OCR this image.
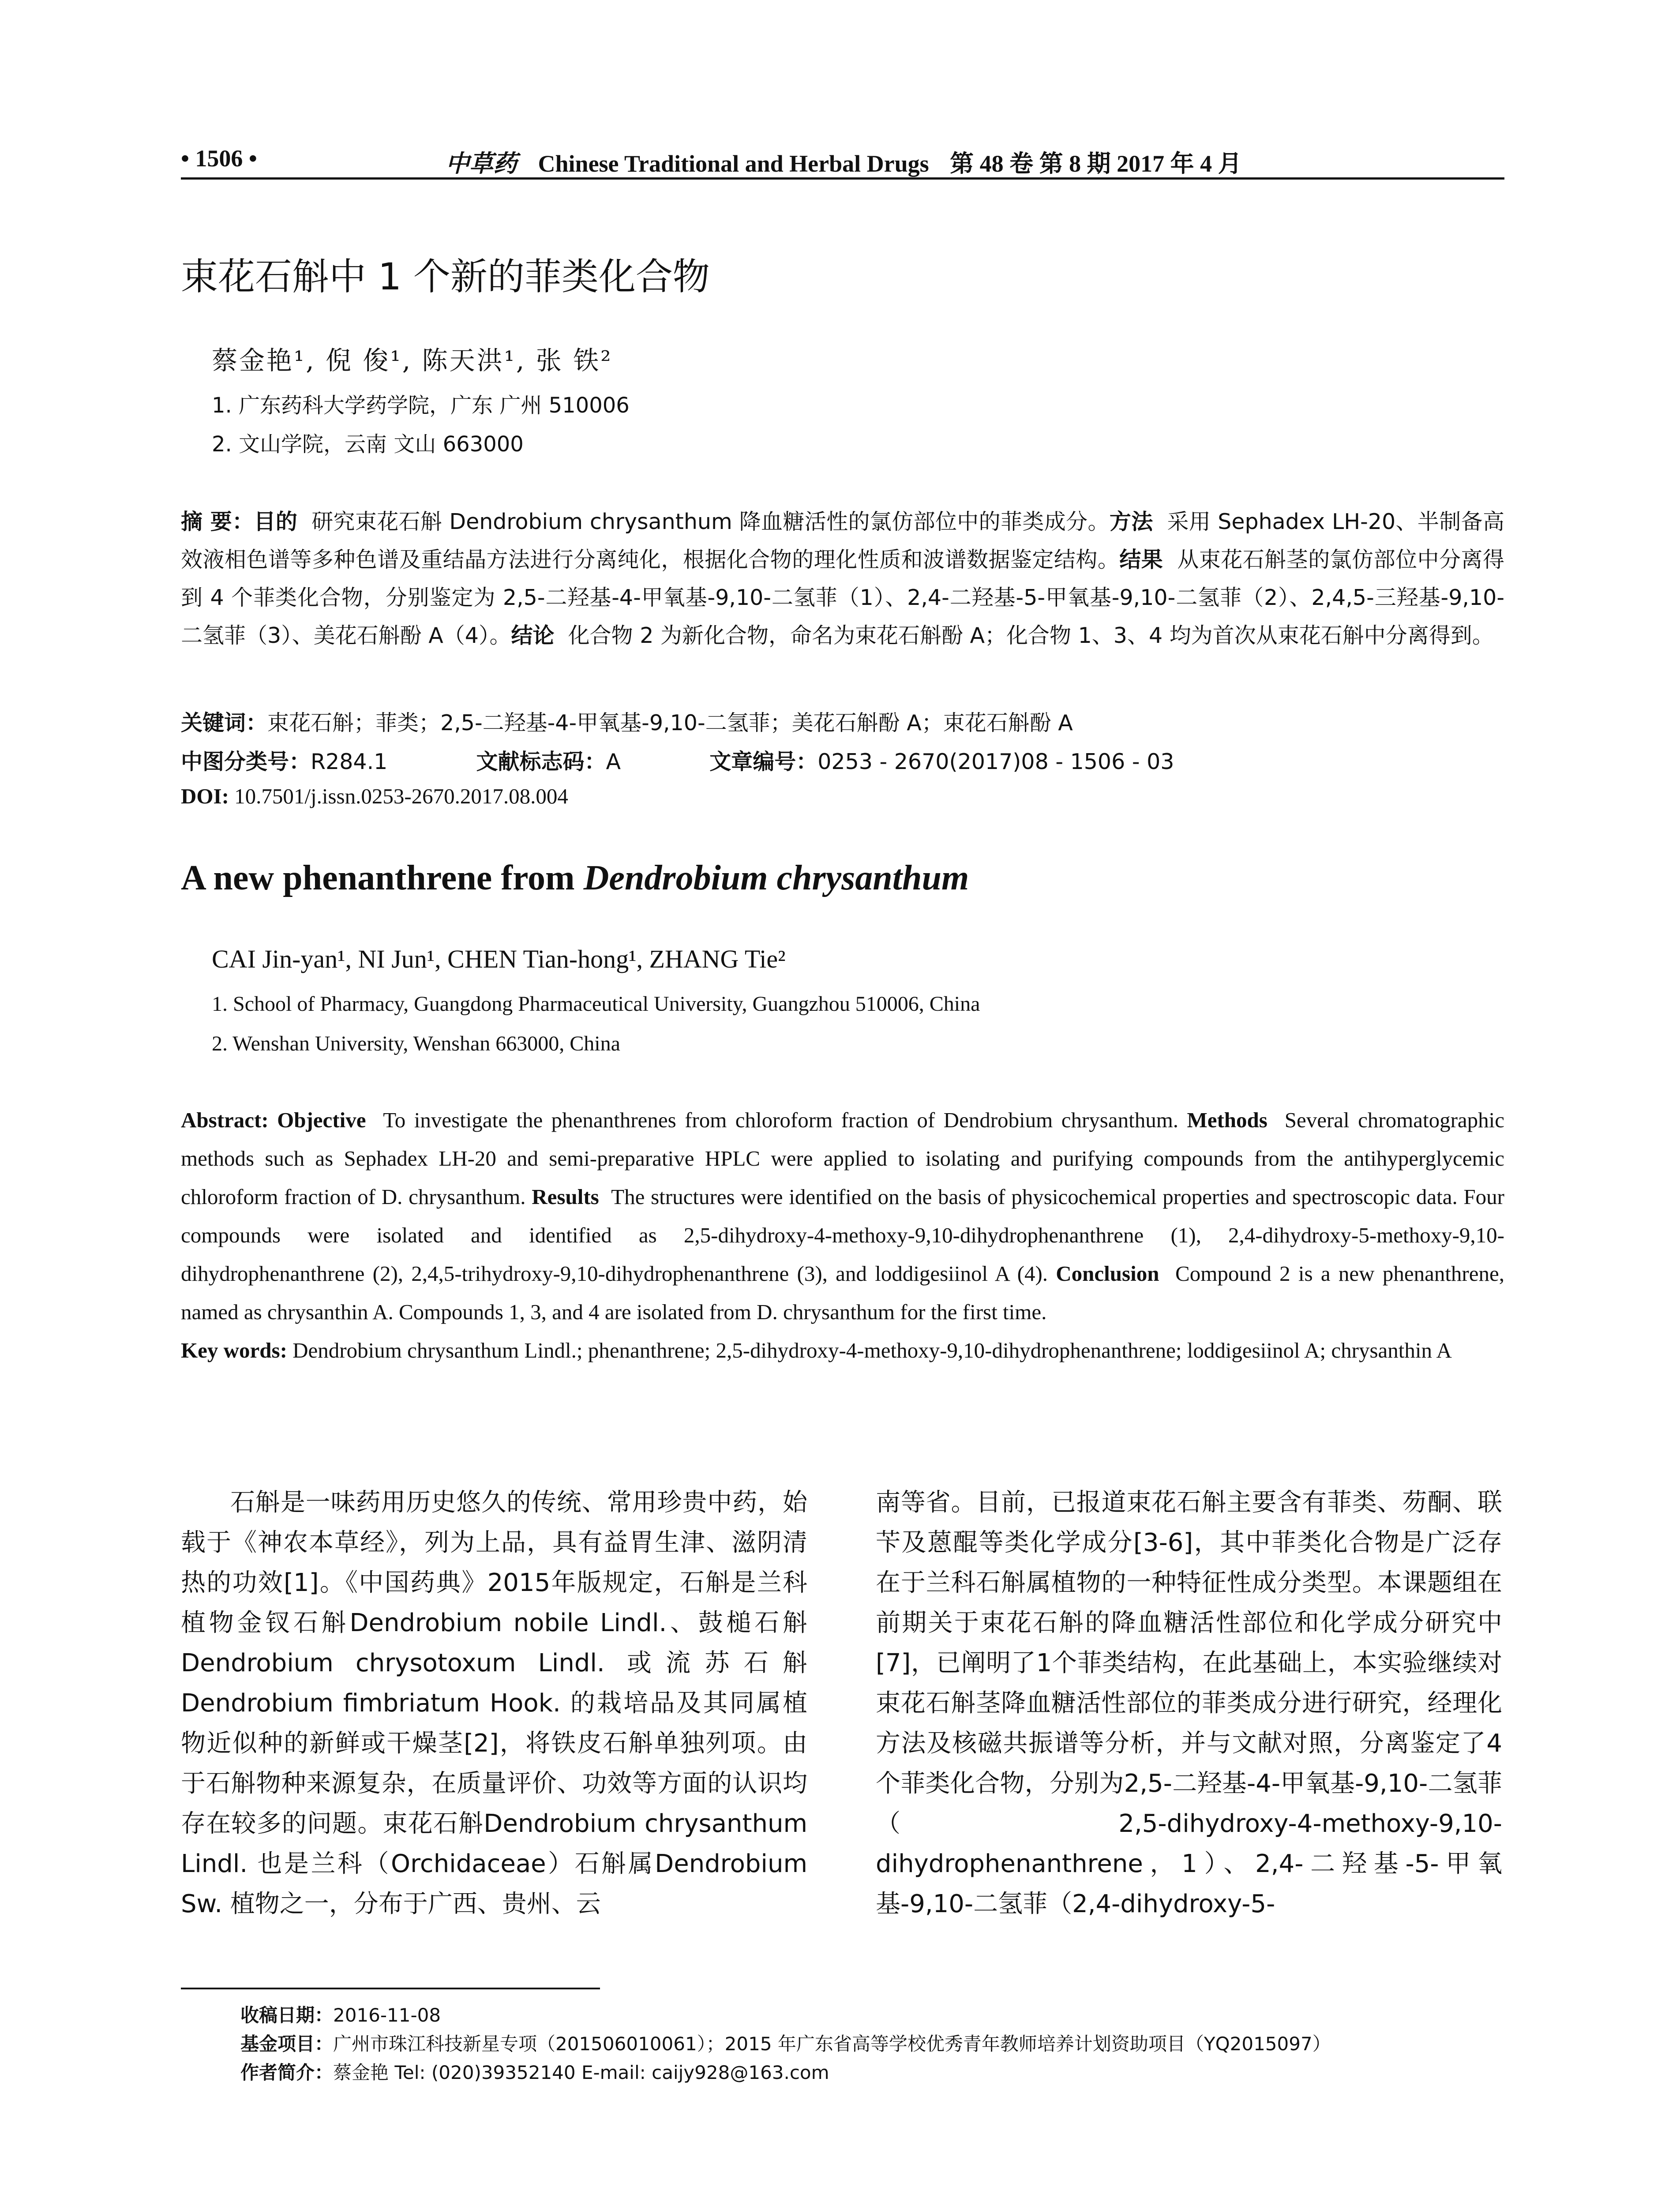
• 1506 •	中草药 Chinese Traditional and Herbal Drugs 第 48 卷 第 8 期 2017 年 4 月
束花石斛中 1 个新的菲类化合物
蔡金艳¹, 倪 俊¹, 陈天洪¹, 张 铁²
1. 广东药科大学药学院，广东 广州 510006
2. 文山学院，云南 文山 663000
摘 要：目的 研究束花石斛 Dendrobium chrysanthum 降血糖活性的氯仿部位中的菲类成分。方法 采用 Sephadex LH-20、半制备高效液相色谱等多种色谱及重结晶方法进行分离纯化，根据化合物的理化性质和波谱数据鉴定结构。结果 从束花石斛茎的氯仿部位中分离得到 4 个菲类化合物，分别鉴定为 2,5-二羟基-4-甲氧基-9,10-二氢菲（1）、2,4-二羟基-5-甲氧基-9,10-二氢菲（2）、2,4,5-三羟基-9,10-二氢菲（3）、美花石斛酚 A（4）。结论 化合物 2 为新化合物，命名为束花石斛酚 A；化合物 1、3、4 均为首次从束花石斛中分离得到。
关键词：束花石斛；菲类；2,5-二羟基-4-甲氧基-9,10-二氢菲；美花石斛酚 A；束花石斛酚 A
中图分类号：R284.1	文献标志码：A	文章编号：0253 - 2670(2017)08 - 1506 - 03
DOI: 10.7501/j.issn.0253-2670.2017.08.004
A new phenanthrene from Dendrobium chrysanthum
CAI Jin-yan¹, NI Jun¹, CHEN Tian-hong¹, ZHANG Tie²
1. School of Pharmacy, Guangdong Pharmaceutical University, Guangzhou 510006, China
2. Wenshan University, Wenshan 663000, China
Abstract: Objective To investigate the phenanthrenes from chloroform fraction of Dendrobium chrysanthum. Methods Several chromatographic methods such as Sephadex LH-20 and semi-preparative HPLC were applied to isolating and purifying compounds from the antihyperglycemic chloroform fraction of D. chrysanthum. Results The structures were identified on the basis of physicochemical properties and spectroscopic data. Four compounds were isolated and identified as 2,5-dihydroxy-4-methoxy-9,10-dihydrophenanthrene (1), 2,4-dihydroxy-5-methoxy-9,10-dihydrophenanthrene (2), 2,4,5-trihydroxy-9,10-dihydrophenanthrene (3), and loddigesiinol A (4). Conclusion Compound 2 is a new phenanthrene, named as chrysanthin A. Compounds 1, 3, and 4 are isolated from D. chrysanthum for the first time.
Key words: Dendrobium chrysanthum Lindl.; phenanthrene; 2,5-dihydroxy-4-methoxy-9,10-dihydrophenanthrene; loddigesiinol A; chrysanthin A
石斛是一味药用历史悠久的传统、常用珍贵中药，始载于《神农本草经》，列为上品，具有益胃生津、滋阴清热的功效[1]。《中国药典》2015年版规定，石斛是兰科植物金钗石斛Dendrobium nobile Lindl.、鼓槌石斛Dendrobium chrysotoxum Lindl. 或流苏石斛Dendrobium fimbriatum Hook. 的栽培品及其同属植物近似种的新鲜或干燥茎[2]，将铁皮石斛单独列项。由于石斛物种来源复杂，在质量评价、功效等方面的认识均存在较多的问题。束花石斛Dendrobium chrysanthum Lindl. 也是兰科（Orchidaceae）石斛属Dendrobium Sw. 植物之一，分布于广西、贵州、云
南等省。目前，已报道束花石斛主要含有菲类、芴酮、联苄及蒽醌等类化学成分[3-6]，其中菲类化合物是广泛存在于兰科石斛属植物的一种特征性成分类型。本课题组在前期关于束花石斛的降血糖活性部位和化学成分研究中[7]，已阐明了1个菲类结构，在此基础上，本实验继续对束花石斛茎降血糖活性部位的菲类成分进行研究，经理化方法及核磁共振谱等分析，并与文献对照，分离鉴定了4个菲类化合物，分别为2,5-二羟基-4-甲氧基-9,10-二氢菲（2,5-dihydroxy-4-methoxy-9,10-dihydrophenanthrene，1）、2,4-二羟基-5-甲氧基-9,10-二氢菲（2,4-dihydroxy-5-
收稿日期：2016-11-08
基金项目：广州市珠江科技新星专项（201506010061）；2015 年广东省高等学校优秀青年教师培养计划资助项目（YQ2015097）
作者简介：蔡金艳 Tel: (020)39352140 E-mail: caijy928@163.com
